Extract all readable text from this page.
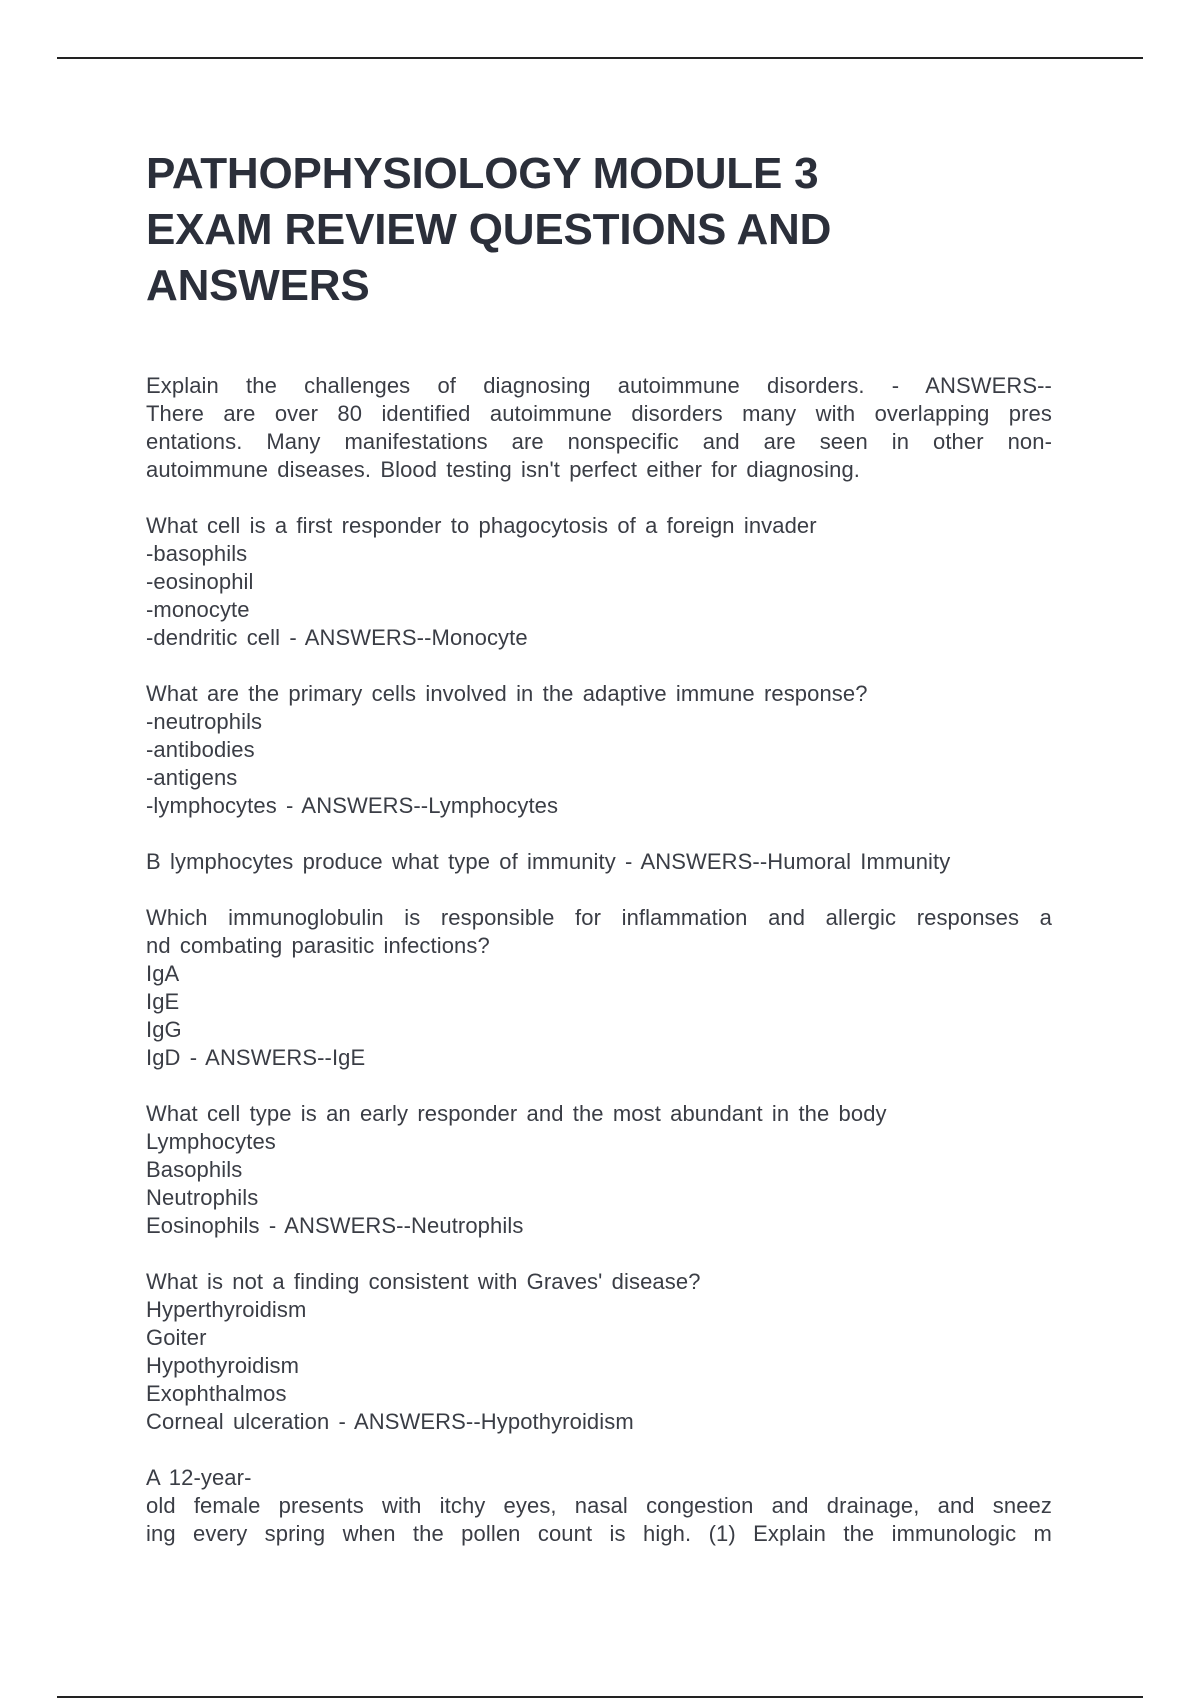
PATHOPHYSIOLOGY MODULE 3
EXAM REVIEW QUESTIONS AND
ANSWERS
Explain the challenges of diagnosing autoimmune disorders. - ANSWERS--
There are over 80 identified autoimmune disorders many with overlapping pres
entations. Many manifestations are nonspecific and are seen in other non-
autoimmune diseases. Blood testing isn't perfect either for diagnosing.
What cell is a first responder to phagocytosis of a foreign invader
-basophils
-eosinophil
-monocyte
-dendritic cell - ANSWERS--Monocyte
What are the primary cells involved in the adaptive immune response?
-neutrophils
-antibodies
-antigens
-lymphocytes - ANSWERS--Lymphocytes
B lymphocytes produce what type of immunity - ANSWERS--Humoral Immunity
Which immunoglobulin is responsible for inflammation and allergic responses a
nd combating parasitic infections?
IgA
IgE
IgG
IgD - ANSWERS--IgE
What cell type is an early responder and the most abundant in the body
Lymphocytes
Basophils
Neutrophils
Eosinophils - ANSWERS--Neutrophils
What is not a finding consistent with Graves' disease?
Hyperthyroidism
Goiter
Hypothyroidism
Exophthalmos
Corneal ulceration - ANSWERS--Hypothyroidism
A 12-year-
old female presents with itchy eyes, nasal congestion and drainage, and sneez
ing every spring when the pollen count is high. (1) Explain the immunologic m
